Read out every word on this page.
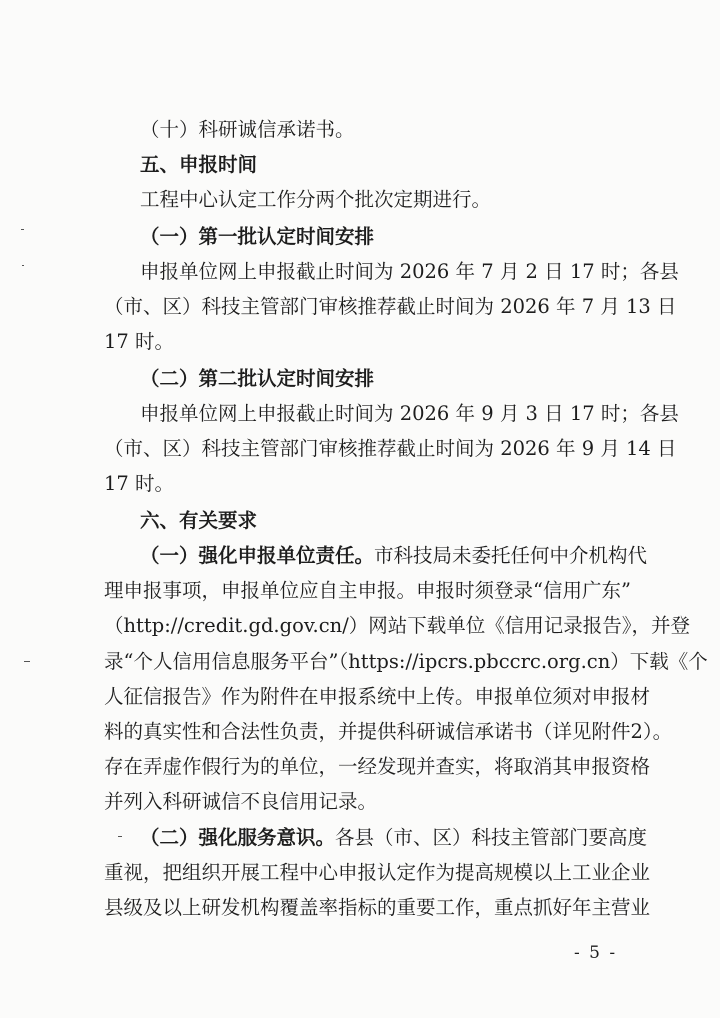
（十）科研诚信承诺书。
五、申报时间
工程中心认定工作分两个批次定期进行。
（一）第一批认定时间安排
申报单位网上申报截止时间为 2026 年 7 月 2 日 17 时；各县
（市、区）科技主管部门审核推荐截止时间为 2026 年 7 月 13 日
17 时。
（二）第二批认定时间安排
申报单位网上申报截止时间为 2026 年 9 月 3 日 17 时；各县
（市、区）科技主管部门审核推荐截止时间为 2026 年 9 月 14 日
17 时。
六、有关要求
（一）强化申报单位责任。市科技局未委托任何中介机构代
理申报事项，申报单位应自主申报。申报时须登录“信用广东”
（http://credit.gd.gov.cn/）网站下载单位《信用记录报告》，并登
录“个人信用信息服务平台”（https://ipcrs.pbccrc.org.cn）下载《个
人征信报告》作为附件在申报系统中上传。申报单位须对申报材
料的真实性和合法性负责，并提供科研诚信承诺书（详见附件2）。
存在弄虚作假行为的单位，一经发现并查实，将取消其申报资格
并列入科研诚信不良信用记录。
（二）强化服务意识。各县（市、区）科技主管部门要高度
重视，把组织开展工程中心申报认定作为提高规模以上工业企业
县级及以上研发机构覆盖率指标的重要工作，重点抓好年主营业
- 5 -
